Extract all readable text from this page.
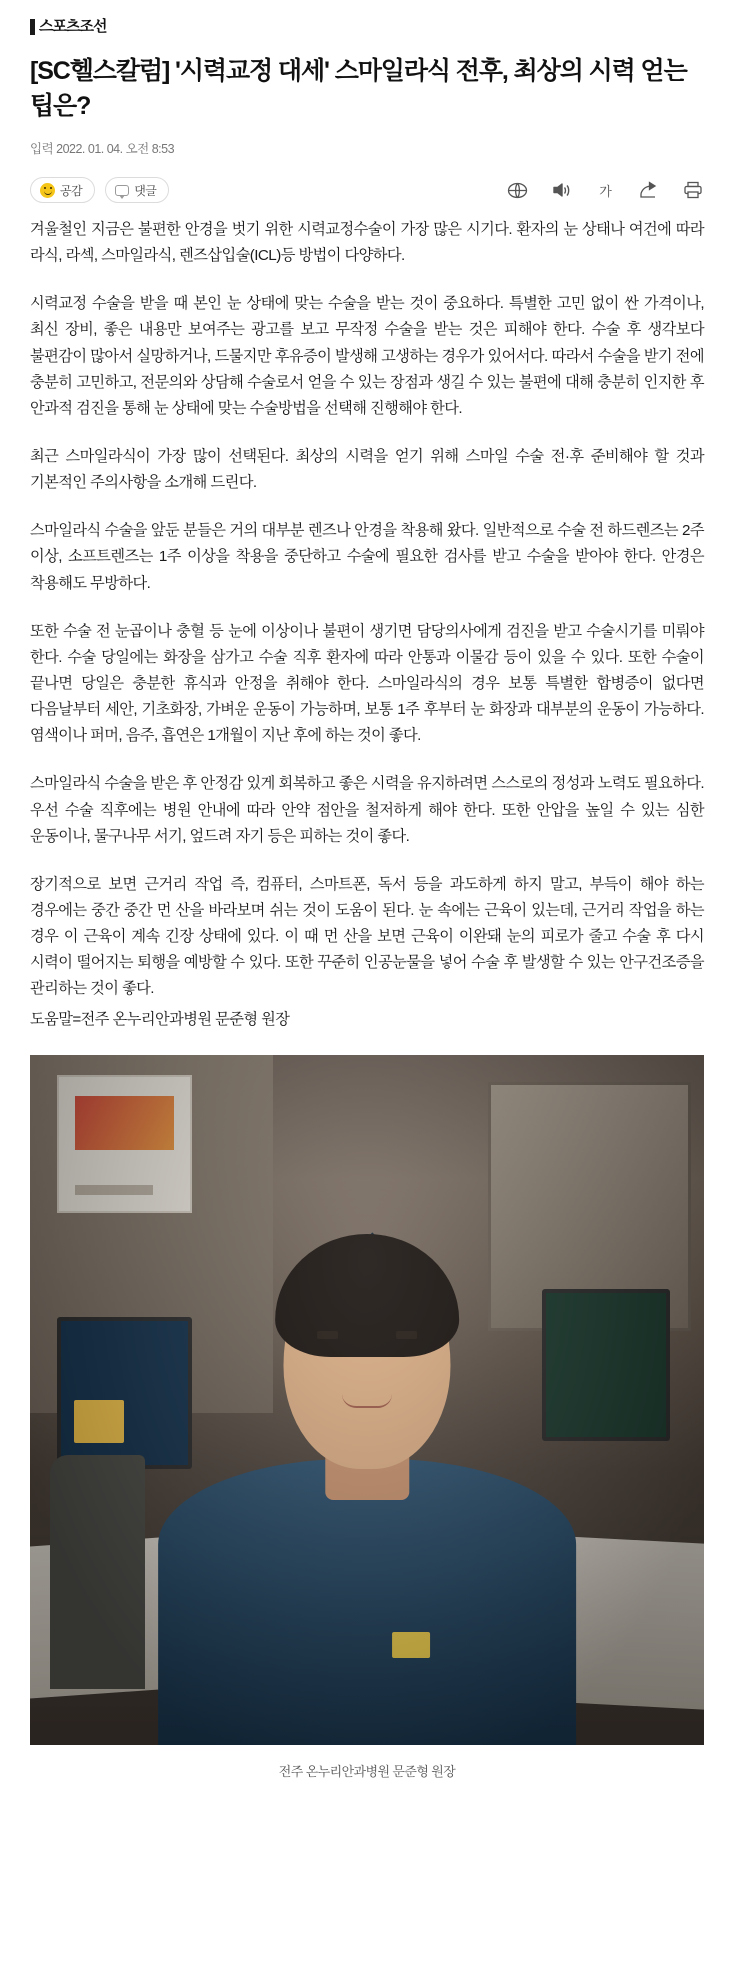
스포츠조선
[SC헬스칼럼] '시력교정 대세' 스마일라식 전후, 최상의 시력 얻는 팁은?
입력 2022. 01. 04. 오전 8:53
공감	댓글	가

겨울철인 지금은 불편한 안경을 벗기 위한 시력교정수술이 가장 많은 시기다. 환자의 눈 상태나 여건에 따라 라식, 라섹, 스마일라식, 렌즈삽입술(ICL)등 방법이 다양하다.

시력교정 수술을 받을 때 본인 눈 상태에 맞는 수술을 받는 것이 중요하다. 특별한 고민 없이 싼 가격이나, 최신 장비, 좋은 내용만 보여주는 광고를 보고 무작정 수술을 받는 것은 피해야 한다. 수술 후 생각보다 불편감이 많아서 실망하거나, 드물지만 후유증이 발생해 고생하는 경우가 있어서다. 따라서 수술을 받기 전에 충분히 고민하고, 전문의와 상담해 수술로서 얻을 수 있는 장점과 생길 수 있는 불편에 대해 충분히 인지한 후 안과적 검진을 통해 눈 상태에 맞는 수술방법을 선택해 진행해야 한다.

최근 스마일라식이 가장 많이 선택된다. 최상의 시력을 얻기 위해 스마일 수술 전·후 준비해야 할 것과 기본적인 주의사항을 소개해 드린다.

스마일라식 수술을 앞둔 분들은 거의 대부분 렌즈나 안경을 착용해 왔다. 일반적으로 수술 전 하드렌즈는 2주 이상, 소프트렌즈는 1주 이상을 착용을 중단하고 수술에 필요한 검사를 받고 수술을 받아야 한다. 안경은 착용해도 무방하다.

또한 수술 전 눈곱이나 충혈 등 눈에 이상이나 불편이 생기면 담당의사에게 검진을 받고 수술시기를 미뤄야 한다. 수술 당일에는 화장을 삼가고 수술 직후 환자에 따라 안통과 이물감 등이 있을 수 있다. 또한 수술이 끝나면 당일은 충분한 휴식과 안정을 취해야 한다. 스마일라식의 경우 보통 특별한 합병증이 없다면 다음날부터 세안, 기초화장, 가벼운 운동이 가능하며, 보통 1주 후부터 눈 화장과 대부분의 운동이 가능하다. 염색이나 퍼머, 음주, 흡연은 1개월이 지난 후에 하는 것이 좋다.

스마일라식 수술을 받은 후 안정감 있게 회복하고 좋은 시력을 유지하려면 스스로의 정성과 노력도 필요하다. 우선 수술 직후에는 병원 안내에 따라 안약 점안을 철저하게 해야 한다. 또한 안압을 높일 수 있는 심한 운동이나, 물구나무 서기, 엎드려 자기 등은 피하는 것이 좋다.

장기적으로 보면 근거리 작업 즉, 컴퓨터, 스마트폰, 독서 등을 과도하게 하지 말고, 부득이 해야 하는 경우에는 중간 중간 먼 산을 바라보며 쉬는 것이 도움이 된다. 눈 속에는 근육이 있는데, 근거리 작업을 하는 경우 이 근육이 계속 긴장 상태에 있다. 이 때 먼 산을 보면 근육이 이완돼 눈의 피로가 줄고 수술 후 다시 시력이 떨어지는 퇴행을 예방할 수 있다. 또한 꾸준히 인공눈물을 넣어 수술 후 발생할 수 있는 안구건조증을 관리하는 것이 좋다.

도움말=전주 온누리안과병원 문준형 원장

전주 온누리안과병원 문준형 원장
